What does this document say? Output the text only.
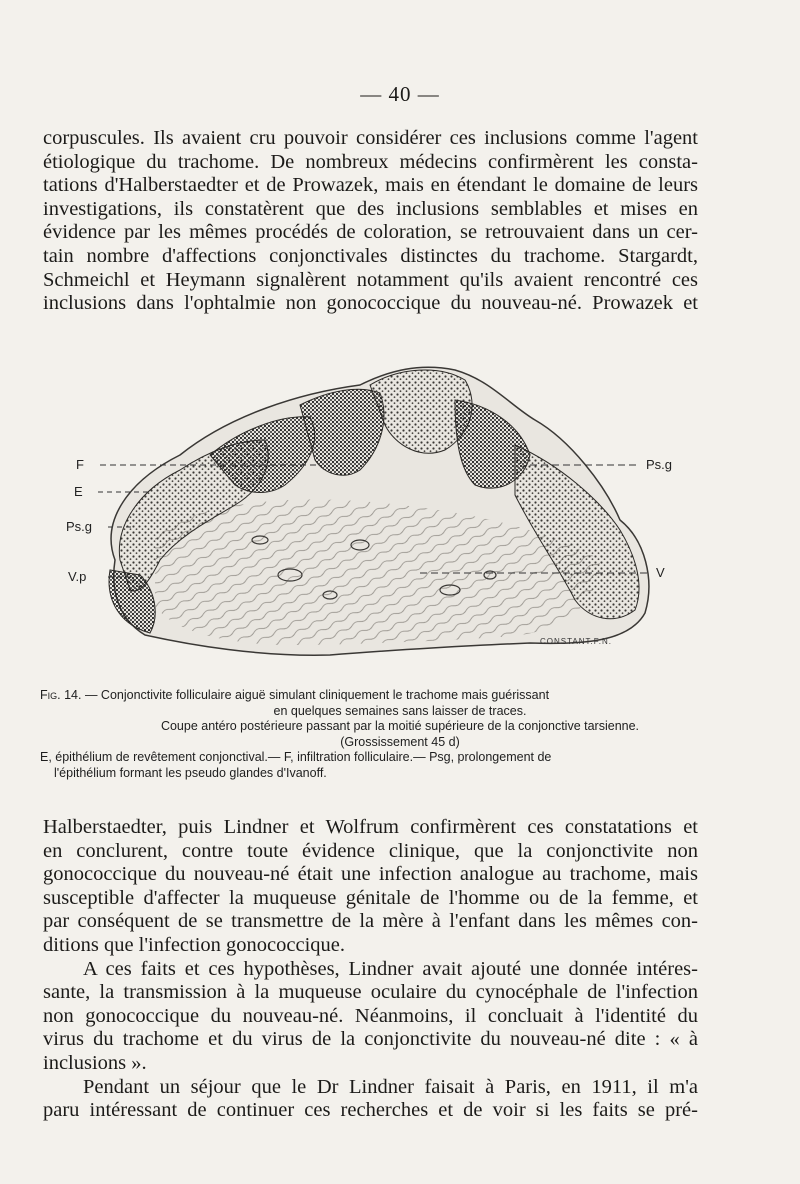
— 40 —

corpuscules. Ils avaient cru pouvoir considérer ces inclusions comme l'agent
étiologique du trachome. De nombreux médecins confirmèrent les consta-
tations d'Halberstaedter et de Prowazek, mais en étendant le domaine de leurs
investigations, ils constatèrent que des inclusions semblables et mises en
évidence par les mêmes procédés de coloration, se retrouvaient dans un cer-
tain nombre d'affections conjonctivales distinctes du trachome. Stargardt,
Schmeichl et Heymann signalèrent notamment qu'ils avaient rencontré ces
inclusions dans l'ophtalmie non gonococcique du nouveau-né. Prowazek et

F
E
Ps.g
V.p
Ps.g
V
CONSTANT.F.N.
Fig. 14. — Conjonctivite folliculaire aiguë simulant cliniquement le trachome mais guérissant
en quelques semaines sans laisser de traces.
Coupe antéro postérieure passant par la moitié supérieure de la conjonctive tarsienne.
(Grossissement 45 d)
E, épithélium de revêtement conjonctival.— F, infiltration folliculaire.— Psg, prolongement de
l'épithélium formant les pseudo glandes d'Ivanoff.

Halberstaedter, puis Lindner et Wolfrum confirmèrent ces constatations et
en conclurent, contre toute évidence clinique, que la conjonctivite non
gonococcique du nouveau-né était une infection analogue au trachome, mais
susceptible d'affecter la muqueuse génitale de l'homme ou de la femme, et
par conséquent de se transmettre de la mère à l'enfant dans les mêmes con-
ditions que l'infection gonococcique.
A ces faits et ces hypothèses, Lindner avait ajouté une donnée intéres-
sante, la transmission à la muqueuse oculaire du cynocéphale de l'infection
non gonococcique du nouveau-né. Néanmoins, il concluait à l'identité du
virus du trachome et du virus de la conjonctivite du nouveau-né dite : « à
inclusions ».
Pendant un séjour que le Dr Lindner faisait à Paris, en 1911, il m'a
paru intéressant de continuer ces recherches et de voir si les faits se pré-
